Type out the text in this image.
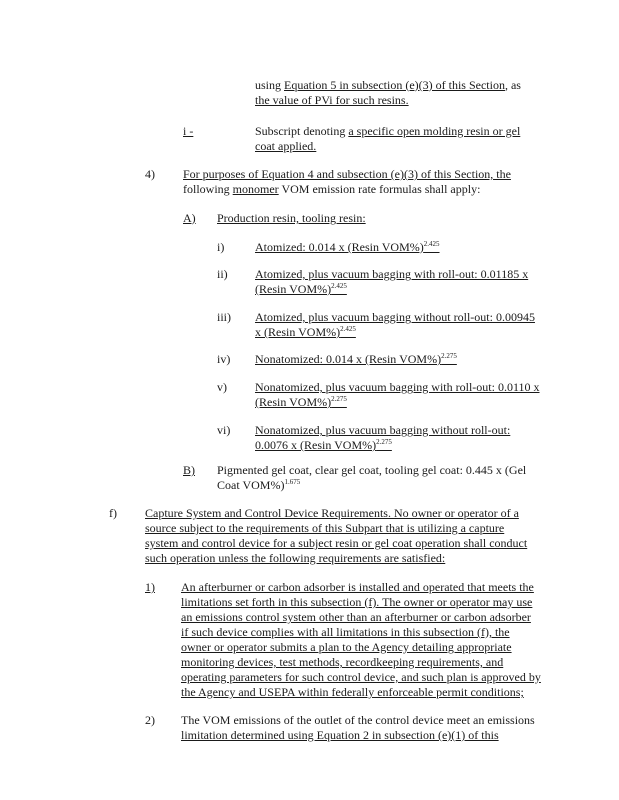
using Equation 5 in subsection (e)(3) of this Section, as
the value of PVi for such resins.
i -	Subscript denoting a specific open molding resin or gel
coat applied.
4) For purposes of Equation 4 and subsection (e)(3) of this Section, the
following monomer VOM emission rate formulas shall apply:
A) Production resin, tooling resin:
i)	Atomized: 0.014 x (Resin VOM%)$^{2.425}$
ii) Atomized, plus vacuum bagging with roll-out: 0.01185 x
(Resin VOM%)$^{2.425}$
iii) Atomized, plus vacuum bagging without roll-out: 0.00945
x (Resin VOM%)$^{2.425}$
iv) Nonatomized: 0.014 x (Resin VOM%)$^{2.275}$
v) Nonatomized, plus vacuum bagging with roll-out: 0.0110 x
(Resin VOM%)$^{2.275}$
vi) Nonatomized, plus vacuum bagging without roll-out:
0.0076 x (Resin VOM%)$^{2.275}$
B) Pigmented gel coat, clear gel coat, tooling gel coat: 0.445 x (Gel
Coat VOM%)$^{1.675}$
f) Capture System and Control Device Requirements. No owner or operator of a
source subject to the requirements of this Subpart that is utilizing a capture
system and control device for a subject resin or gel coat operation shall conduct
such operation unless the following requirements are satisfied:
1) An afterburner or carbon adsorber is installed and operated that meets the
limitations set forth in this subsection (f). The owner or operator may use
an emissions control system other than an afterburner or carbon adsorber
if such device complies with all limitations in this subsection (f), the
owner or operator submits a plan to the Agency detailing appropriate
monitoring devices, test methods, recordkeeping requirements, and
operating parameters for such control device, and such plan is approved by
the Agency and USEPA within federally enforceable permit conditions;
2) The VOM emissions of the outlet of the control device meet an emissions
limitation determined using Equation 2 in subsection (e)(1) of this
